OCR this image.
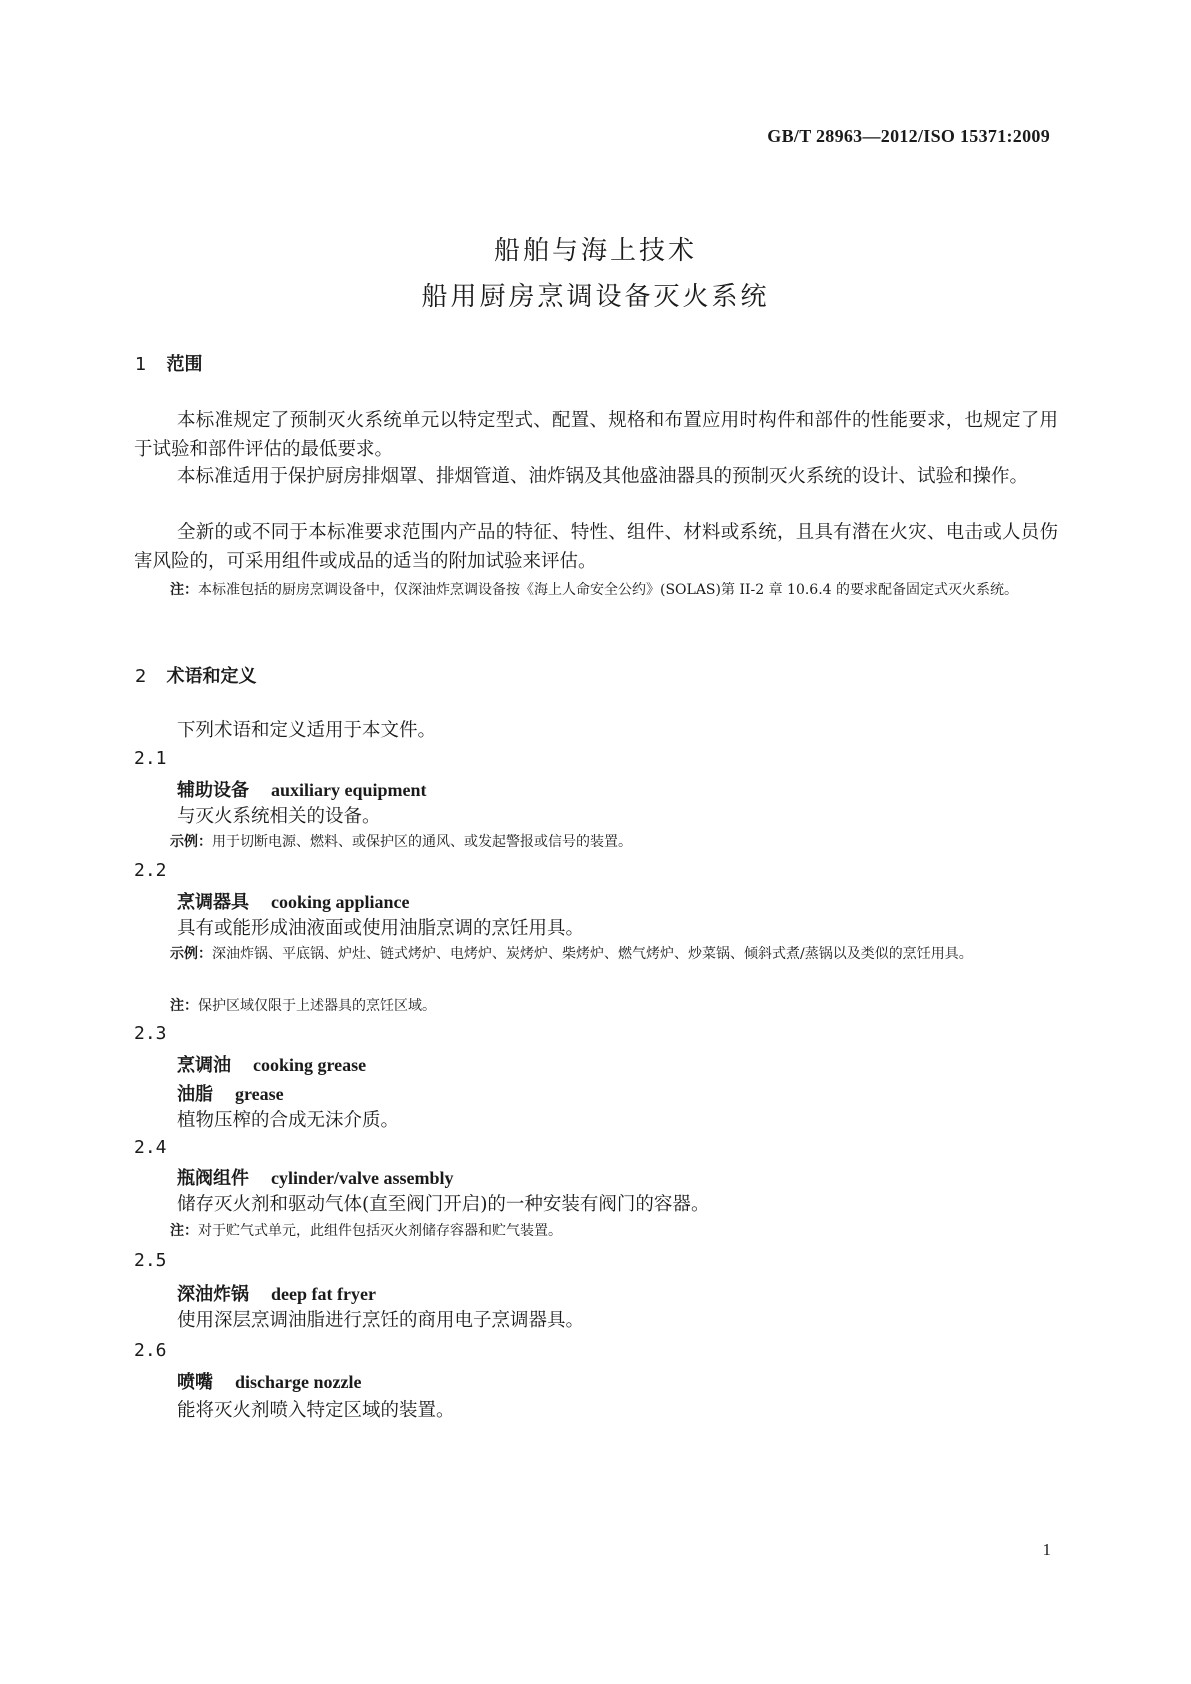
GB/T 28963—2012/ISO 15371:2009
船舶与海上技术
船用厨房烹调设备灭火系统
1 范围
本标准规定了预制灭火系统单元以特定型式、配置、规格和布置应用时构件和部件的性能要求，也规定了用于试验和部件评估的最低要求。
本标准适用于保护厨房排烟罩、排烟管道、油炸锅及其他盛油器具的预制灭火系统的设计、试验和操作。
全新的或不同于本标准要求范围内产品的特征、特性、组件、材料或系统，且具有潜在火灾、电击或人员伤害风险的，可采用组件或成品的适当的附加试验来评估。
注：本标准包括的厨房烹调设备中，仅深油炸烹调设备按《海上人命安全公约》(SOLAS)第 II-2 章 10.6.4 的要求配备固定式灭火系统。
2 术语和定义
下列术语和定义适用于本文件。
2.1
辅助设备 auxiliary equipment
与灭火系统相关的设备。
示例：用于切断电源、燃料、或保护区的通风、或发起警报或信号的装置。
2.2
烹调器具 cooking appliance
具有或能形成油液面或使用油脂烹调的烹饪用具。
示例：深油炸锅、平底锅、炉灶、链式烤炉、电烤炉、炭烤炉、柴烤炉、燃气烤炉、炒菜锅、倾斜式煮/蒸锅以及类似的烹饪用具。
注：保护区域仅限于上述器具的烹饪区域。
2.3
烹调油 cooking grease
油脂 grease
植物压榨的合成无沫介质。
2.4
瓶阀组件 cylinder/valve assembly
储存灭火剂和驱动气体(直至阀门开启)的一种安装有阀门的容器。
注：对于贮气式单元，此组件包括灭火剂储存容器和贮气装置。
2.5
深油炸锅 deep fat fryer
使用深层烹调油脂进行烹饪的商用电子烹调器具。
2.6
喷嘴 discharge nozzle
能将灭火剂喷入特定区域的装置。
1
